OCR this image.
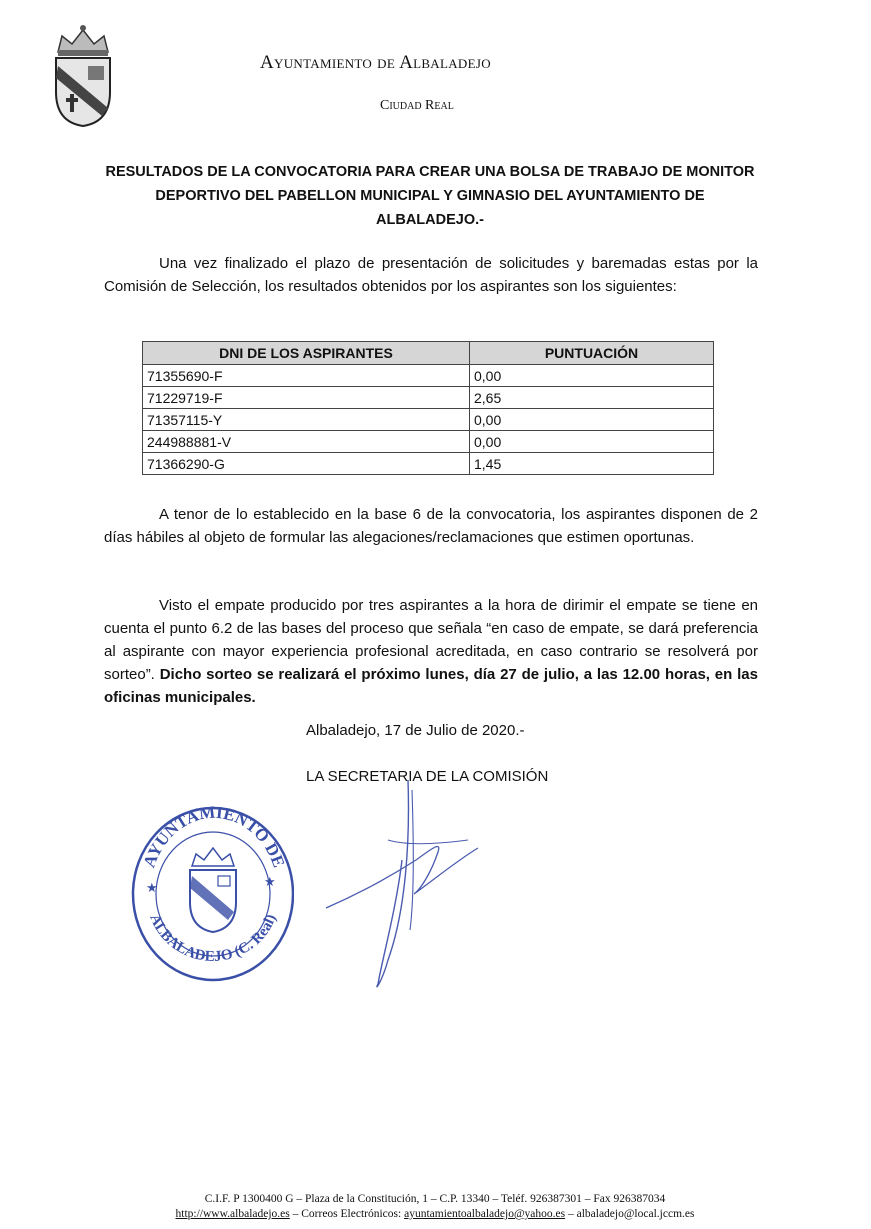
Ayuntamiento de Albaladejo
Ciudad Real
RESULTADOS DE LA CONVOCATORIA PARA CREAR UNA BOLSA DE TRABAJO DE MONITOR DEPORTIVO DEL PABELLON MUNICIPAL Y GIMNASIO DEL AYUNTAMIENTO DE ALBALADEJO.-
Una vez finalizado el plazo de presentación de solicitudes y baremadas estas por la Comisión de Selección, los resultados obtenidos por los aspirantes son los siguientes:
DNI DE LOS ASPIRANTES	PUNTUACIÓN
71355690-F	0,00
71229719-F	2,65
71357115-Y	0,00
244988881-V	0,00
71366290-G	1,45
A tenor de lo establecido en la base 6 de la convocatoria, los aspirantes disponen de 2 días hábiles al objeto de formular las alegaciones/reclamaciones que estimen oportunas.
Visto el empate producido por tres aspirantes a la hora de dirimir el empate se tiene en cuenta el punto 6.2 de las bases del proceso que señala “en caso de empate, se dará preferencia al aspirante con mayor experiencia profesional acreditada, en caso contrario se resolverá por sorteo”. Dicho sorteo se realizará el próximo lunes, día 27 de julio, a las 12.00 horas, en las oficinas municipales.
Albaladejo, 17 de Julio de 2020.-
LA SECRETARIA DE LA COMISIÓN
AYUNTAMIENTO DE
ALBALADEJO (C. Real)
★	★
C.I.F. P 1300400 G – Plaza de la Constitución, 1 – C.P. 13340 – Teléf. 926387301 – Fax 926387034
http://www.albaladejo.es – Correos Electrónicos: ayuntamientoalbaladejo@yahoo.es – albaladejo@local.jccm.es
